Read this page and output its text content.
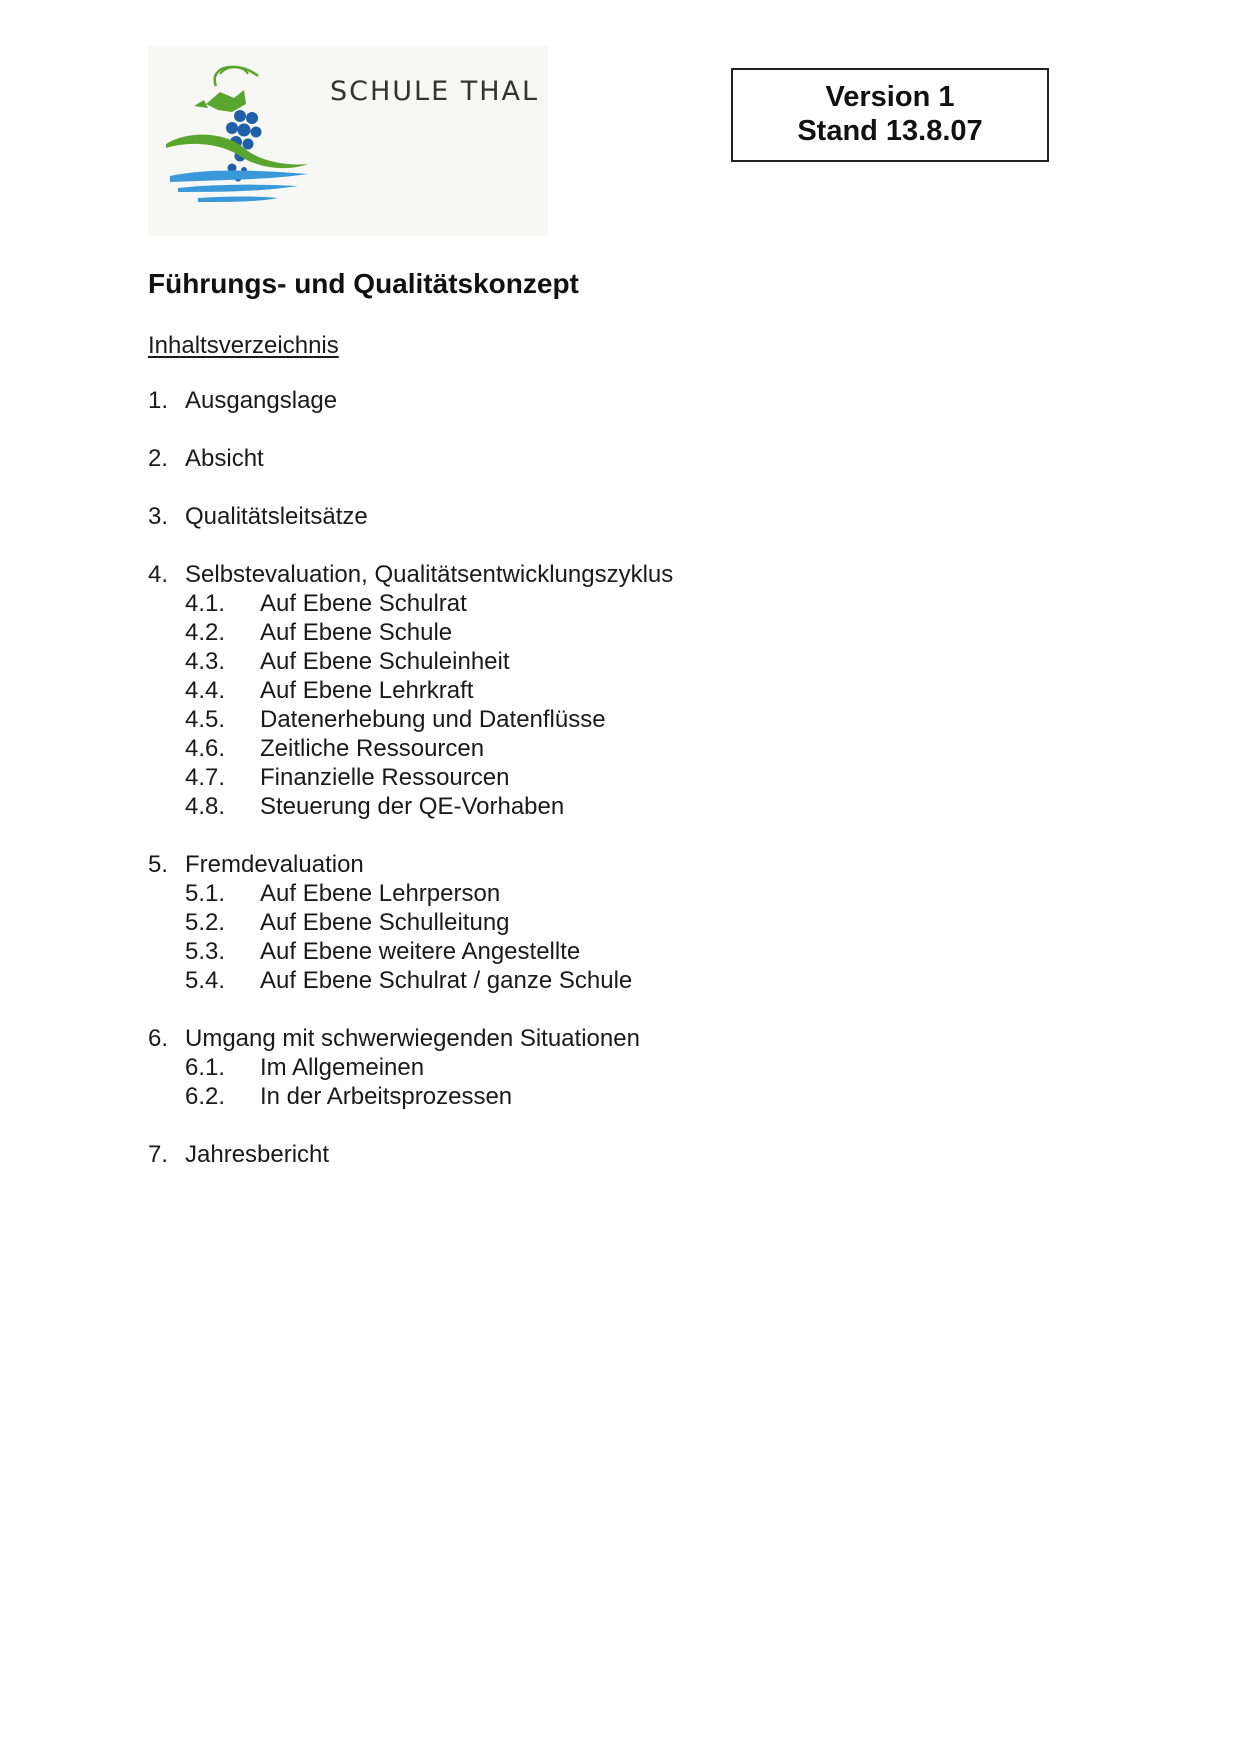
SCHULE THAL	Version 1
Stand 13.8.07
Führungs- und Qualitätskonzept
Inhaltsverzeichnis
1. Ausgangslage
2. Absicht
3. Qualitätsleitsätze
4. Selbstevaluation, Qualitätsentwicklungszyklus
4.1.	Auf Ebene Schulrat
4.2.	Auf Ebene Schule
4.3.	Auf Ebene Schuleinheit
4.4.	Auf Ebene Lehrkraft
4.5.	Datenerhebung und Datenflüsse
4.6.	Zeitliche Ressourcen
4.7.	Finanzielle Ressourcen
4.8.	Steuerung der QE-Vorhaben
5. Fremdevaluation
5.1.	Auf Ebene Lehrperson
5.2.	Auf Ebene Schulleitung
5.3.	Auf Ebene weitere Angestellte
5.4.	Auf Ebene Schulrat / ganze Schule
6. Umgang mit schwerwiegenden Situationen
6.1.	Im Allgemeinen
6.2.	In der Arbeitsprozessen
7. Jahresbericht
